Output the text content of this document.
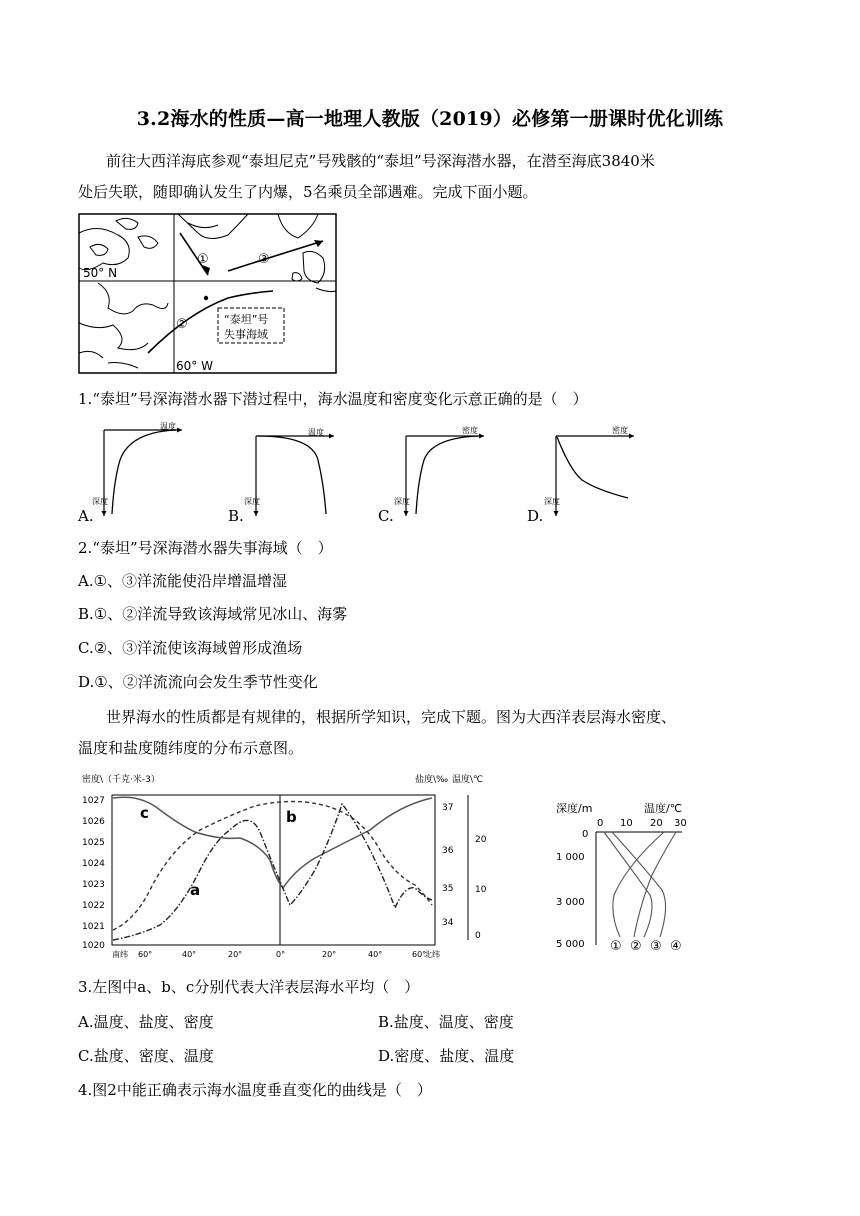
3.2海水的性质—高一地理人教版（2019）必修第一册课时优化训练
前往大西洋海底参观“泰坦尼克”号残骸的“泰坦”号深海潜水器，在潜至海底3840米
处后失联，随即确认发生了内爆，5名乘员全部遇难。完成下面小题。
50° N
60° W
①
②
③
“泰坦”号
失事海域
1.“泰坦”号深海潜水器下潜过程中，海水温度和密度变化示意正确的是（　）
A.
温度
深度
B.
温度
深度
C.
密度
深度
D.
密度
深度
2.“泰坦”号深海潜水器失事海域（　）
A.①、③洋流能使沿岸增温增湿
B.①、②洋流导致该海域常见冰山、海雾
C.②、③洋流使该海域曾形成渔场
D.①、②洋流流向会发生季节性变化
世界海水的性质都是有规律的，根据所学知识，完成下题。图为大西洋表层海水密度、
温度和盐度随纬度的分布示意图。
密度\（千克·米-3）	盐度\‰ 温度\℃
1027
1026
1025
1024
1023
1022
1021
1020
37
36
35
34
20
10
0
南纬 60°	40°	20°	0°	20°	40°	60°
北纬
c	b
a
深度/m	温度/℃
0 10 20 30
0
1 000
3 000
5 000 ① ② ③ ④
3.左图中a、b、c分别代表大洋表层海水平均（　）
A.温度、盐度、密度	B.盐度、温度、密度
C.盐度、密度、温度	D.密度、盐度、温度
4.图2中能正确表示海水温度垂直变化的曲线是（　）
